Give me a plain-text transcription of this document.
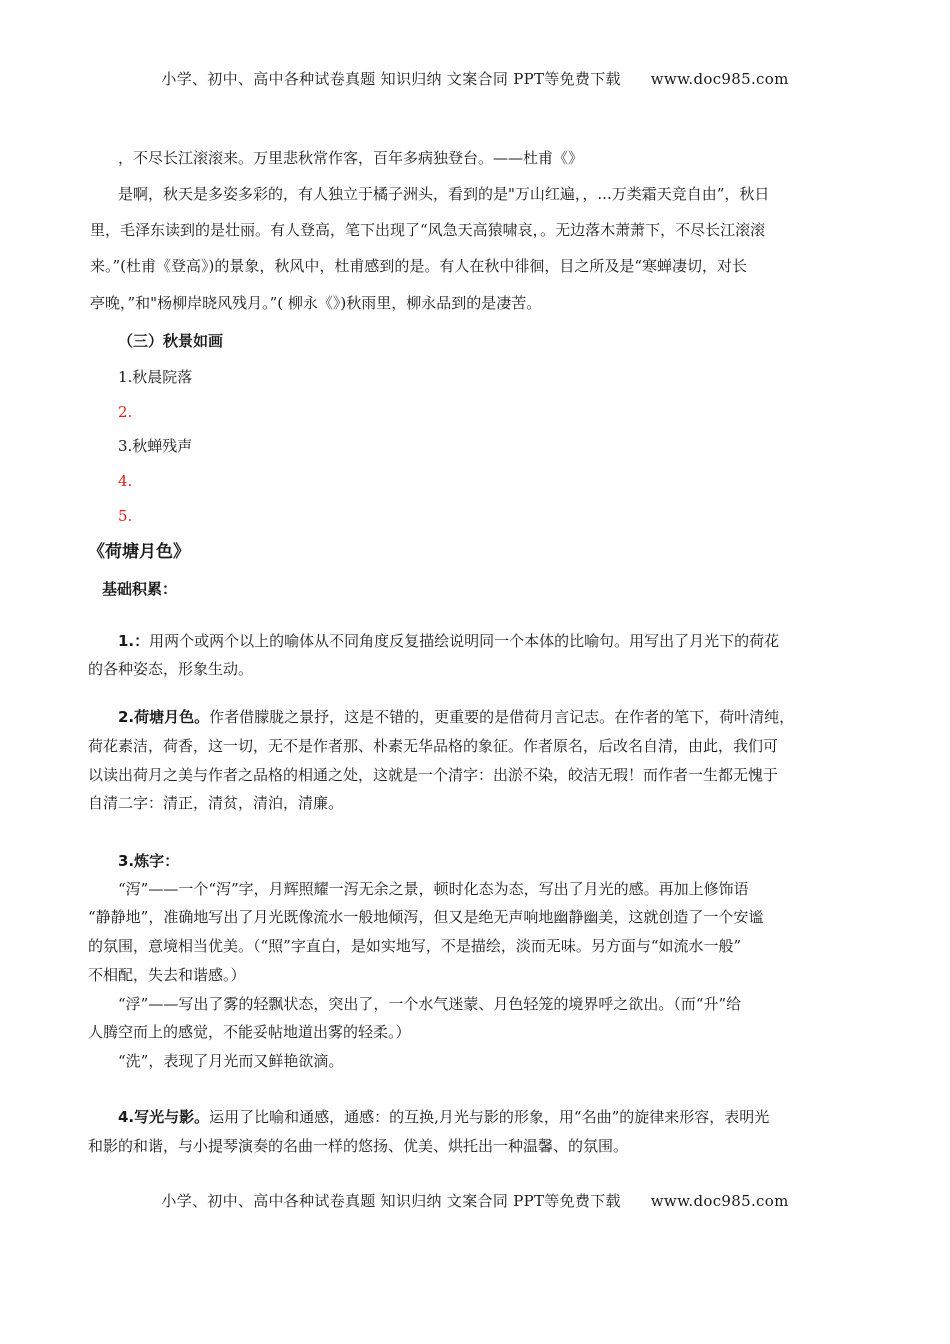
小学、初中、高中各种试卷真题 知识归纳 文案合同 PPT等免费下载 www.doc985.com
，不尽长江滚滚来。万里悲秋常作客，百年多病独登台。——杜甫《》
是啊，秋天是多姿多彩的，有人独立于橘子洲头，看到的是"万山红遍，，...万类霜天竞自由”，秋日
里，毛泽东读到的是壮丽。有人登高，笔下出现了“风急天高猿啸哀，。无边落木萧萧下，不尽长江滚滚
来。”(杜甫《登高》)的景象，秋风中，杜甫感到的是。有人在秋中徘徊，目之所及是“寒蝉凄切，对长
亭晚，”和"杨柳岸晓风残月。”( 柳永《》)秋雨里，柳永品到的是凄苦。
（三）秋景如画
1.秋晨院落
2.
3.秋蝉残声
4.
5.
《荷塘月色》
基础积累：
1.：用两个或两个以上的喻体从不同角度反复描绘说明同一个本体的比喻句。用写出了月光下的荷花
的各种姿态，形象生动。
2.荷塘月色。作者借朦胧之景抒，这是不错的，更重要的是借荷月言记志。在作者的笔下，荷叶清纯，
荷花素洁，荷香，这一切，无不是作者那、朴素无华品格的象征。作者原名，后改名自清，由此，我们可
以读出荷月之美与作者之品格的相通之处，这就是一个清字：出淤不染，皎洁无瑕！而作者一生都无愧于
自清二字：清正，清贫，清泊，清廉。
3.炼字：
“泻”——一个“泻”字，月辉照耀一泻无余之景，顿时化态为态，写出了月光的感。再加上修饰语
“静静地”，准确地写出了月光既像流水一般地倾泻，但又是绝无声响地幽静幽美，这就创造了一个安谧
的氛围，意境相当优美。（“照”字直白，是如实地写，不是描绘，淡而无味。另方面与“如流水一般”
不相配，失去和谐感。）
“浮”——写出了雾的轻飘状态，突出了，一个水气迷蒙、月色轻笼的境界呼之欲出。（而“升”给
人腾空而上的感觉，不能妥帖地道出雾的轻柔。）
“洗”，表现了月光而又鲜艳欲滴。
4.写光与影。运用了比喻和通感，通感：的互换,月光与影的形象，用“名曲”的旋律来形容，表明光
和影的和谐，与小提琴演奏的名曲一样的悠扬、优美、烘托出一种温馨、的氛围。
小学、初中、高中各种试卷真题 知识归纳 文案合同 PPT等免费下载 www.doc985.com
